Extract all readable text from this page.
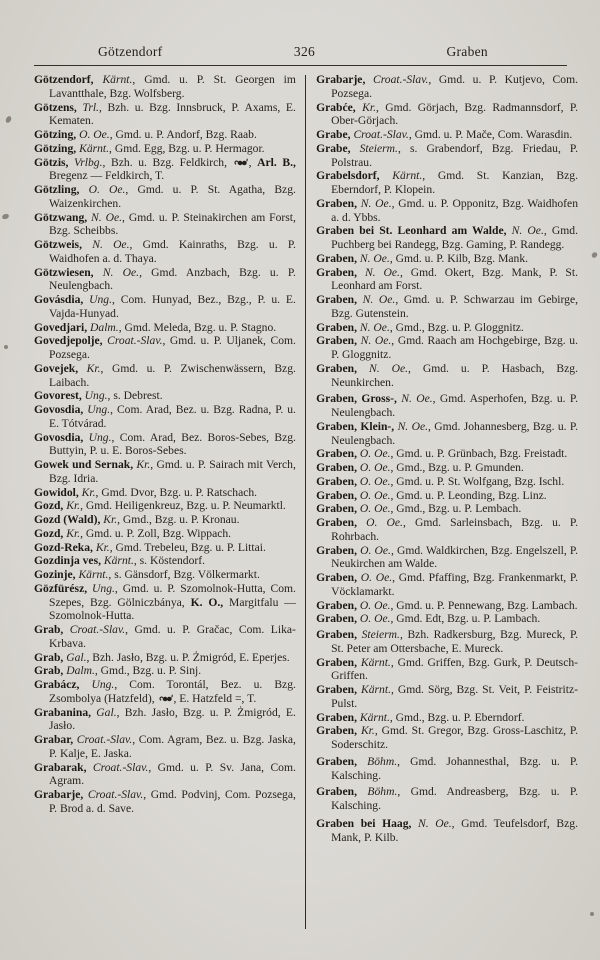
Götzendorf	326	Graben
Götzendorf, Kärnt., Gmd. u. P. St. Georgen im Lavantthale, Bzg. Wolfsberg.
Götzens, Trl., Bzh. u. Bzg. Innsbruck, P. Axams, E. Kematen.
Götzing, O. Oe., Gmd. u. P. Andorf, Bzg. Raab.
Götzing, Kärnt., Gmd. Egg, Bzg. u. P. Hermagor.
Götzis, Vrlbg., Bzh. u. Bzg. Feldkirch, , Arl. B., Bregenz — Feldkirch, T.
Götzling, O. Oe., Gmd. u. P. St. Agatha, Bzg. Waizenkirchen.
Götzwang, N. Oe., Gmd. u. P. Steinakirchen am Forst, Bzg. Scheibbs.
Götzweis, N. Oe., Gmd. Kainraths, Bzg. u. P. Waidhofen a. d. Thaya.
Götzwiesen, N. Oe., Gmd. Anzbach, Bzg. u. P. Neulengbach.
Govásdia, Ung., Com. Hunyad, Bez., Bzg., P. u. E. Vajda-Hunyad.
Govedjari, Dalm., Gmd. Meleda, Bzg. u. P. Stagno.
Govedjepolje, Croat.-Slav., Gmd. u. P. Uljanek, Com. Pozsega.
Govejek, Kr., Gmd. u. P. Zwischenwässern, Bzg. Laibach.
Govorest, Ung., s. Debrest.
Govosdia, Ung., Com. Arad, Bez. u. Bzg. Radna, P. u. E. Tótvárad.
Govosdia, Ung., Com. Arad, Bez. Boros-Sebes, Bzg. Buttyin, P. u. E. Boros-Sebes.
Gowek und Sernak, Kr., Gmd. u. P. Sairach mit Verch, Bzg. Idria.
Gowidol, Kr., Gmd. Dvor, Bzg. u. P. Ratschach.
Gozd, Kr., Gmd. Heiligenkreuz, Bzg. u. P. Neumarktl.
Gozd (Wald), Kr., Gmd., Bzg. u. P. Kronau.
Gozd, Kr., Gmd. u. P. Zoll, Bzg. Wippach.
Gozd-Reka, Kr., Gmd. Trebeleu, Bzg. u. P. Littai.
Gozdinja ves, Kärnt., s. Köstendorf.
Gozinje, Kärnt., s. Gänsdorf, Bzg. Völkermarkt.
Gözfürész, Ung., Gmd. u. P. Szomolnok-Hutta, Com. Szepes, Bzg. Gölniczbánya, K. O., Margitfalu — Szomolnok-Hutta.
Grab, Croat.-Slav., Gmd. u. P. Gračac, Com. Lika-Krbava.
Grab, Gal., Bzh. Jasło, Bzg. u. P. Żmigród, E. Eperjes.
Grab, Dalm., Gmd., Bzg. u. P. Sinj.
Grabácz, Ung., Com. Torontál, Bez. u. Bzg. Zsombolya (Hatzfeld), , E. Hatzfeld =, T.
Grabanina, Gal., Bzh. Jasło, Bzg. u. P. Żmigród, E. Jasło.
Grabar, Croat.-Slav., Com. Agram, Bez. u. Bzg. Jaska, P. Kalje, E. Jaska.
Grabarak, Croat.-Slav., Gmd. u. P. Sv. Jana, Com. Agram.
Grabarje, Croat.-Slav., Gmd. Podvinj, Com. Pozsega, P. Brod a. d. Save.
Grabarje, Croat.-Slav., Gmd. u. P. Kutjevo, Com. Pozsega.
Grabće, Kr., Gmd. Görjach, Bzg. Radmannsdorf, P. Ober-Görjach.
Grabe, Croat.-Slav., Gmd. u. P. Mače, Com. Warasdin.
Grabe, Steierm., s. Grabendorf, Bzg. Friedau, P. Polstrau.
Grabelsdorf, Kärnt., Gmd. St. Kanzian, Bzg. Eberndorf, P. Klopein.
Graben, N. Oe., Gmd. u. P. Opponitz, Bzg. Waidhofen a. d. Ybbs.
Graben bei St. Leonhard am Walde, N. Oe., Gmd. Puchberg bei Randegg, Bzg. Gaming, P. Randegg.
Graben, N. Oe., Gmd. u. P. Kilb, Bzg. Mank.
Graben, N. Oe., Gmd. Okert, Bzg. Mank, P. St. Leonhard am Forst.
Graben, N. Oe., Gmd. u. P. Schwarzau im Gebirge, Bzg. Gutenstein.
Graben, N. Oe., Gmd., Bzg. u. P. Gloggnitz.
Graben, N. Oe., Gmd. Raach am Hochgebirge, Bzg. u. P. Gloggnitz.
Graben, N. Oe., Gmd. u. P. Hasbach, Bzg. Neunkirchen.
Graben, Gross-, N. Oe., Gmd. Asperhofen, Bzg. u. P. Neulengbach.
Graben, Klein-, N. Oe., Gmd. Johannesberg, Bzg. u. P. Neulengbach.
Graben, O. Oe., Gmd. u. P. Grünbach, Bzg. Freistadt.
Graben, O. Oe., Gmd., Bzg. u. P. Gmunden.
Graben, O. Oe., Gmd. u. P. St. Wolfgang, Bzg. Ischl.
Graben, O. Oe., Gmd. u. P. Leonding, Bzg. Linz.
Graben, O. Oe., Gmd., Bzg. u. P. Lembach.
Graben, O. Oe., Gmd. Sarleinsbach, Bzg. u. P. Rohrbach.
Graben, O. Oe., Gmd. Waldkirchen, Bzg. Engelszell, P. Neukirchen am Walde.
Graben, O. Oe., Gmd. Pfaffing, Bzg. Frankenmarkt, P. Vöcklamarkt.
Graben, O. Oe., Gmd. u. P. Pennewang, Bzg. Lambach.
Graben, O. Oe., Gmd. Edt, Bzg. u. P. Lambach.
Graben, Steierm., Bzh. Radkersburg, Bzg. Mureck, P. St. Peter am Ottersbache, E. Mureck.
Graben, Kärnt., Gmd. Griffen, Bzg. Gurk, P. Deutsch-Griffen.
Graben, Kärnt., Gmd. Sörg, Bzg. St. Veit, P. Feistritz-Pulst.
Graben, Kärnt., Gmd., Bzg. u. P. Eberndorf.
Graben, Kr., Gmd. St. Gregor, Bzg. Gross-Laschitz, P. Soderschitz.
Graben, Böhm., Gmd. Johannesthal, Bzg. u. P. Kalsching.
Graben, Böhm., Gmd. Andreasberg, Bzg. u. P. Kalsching.
Graben bei Haag, N. Oe., Gmd. Teufelsdorf, Bzg. Mank, P. Kilb.
